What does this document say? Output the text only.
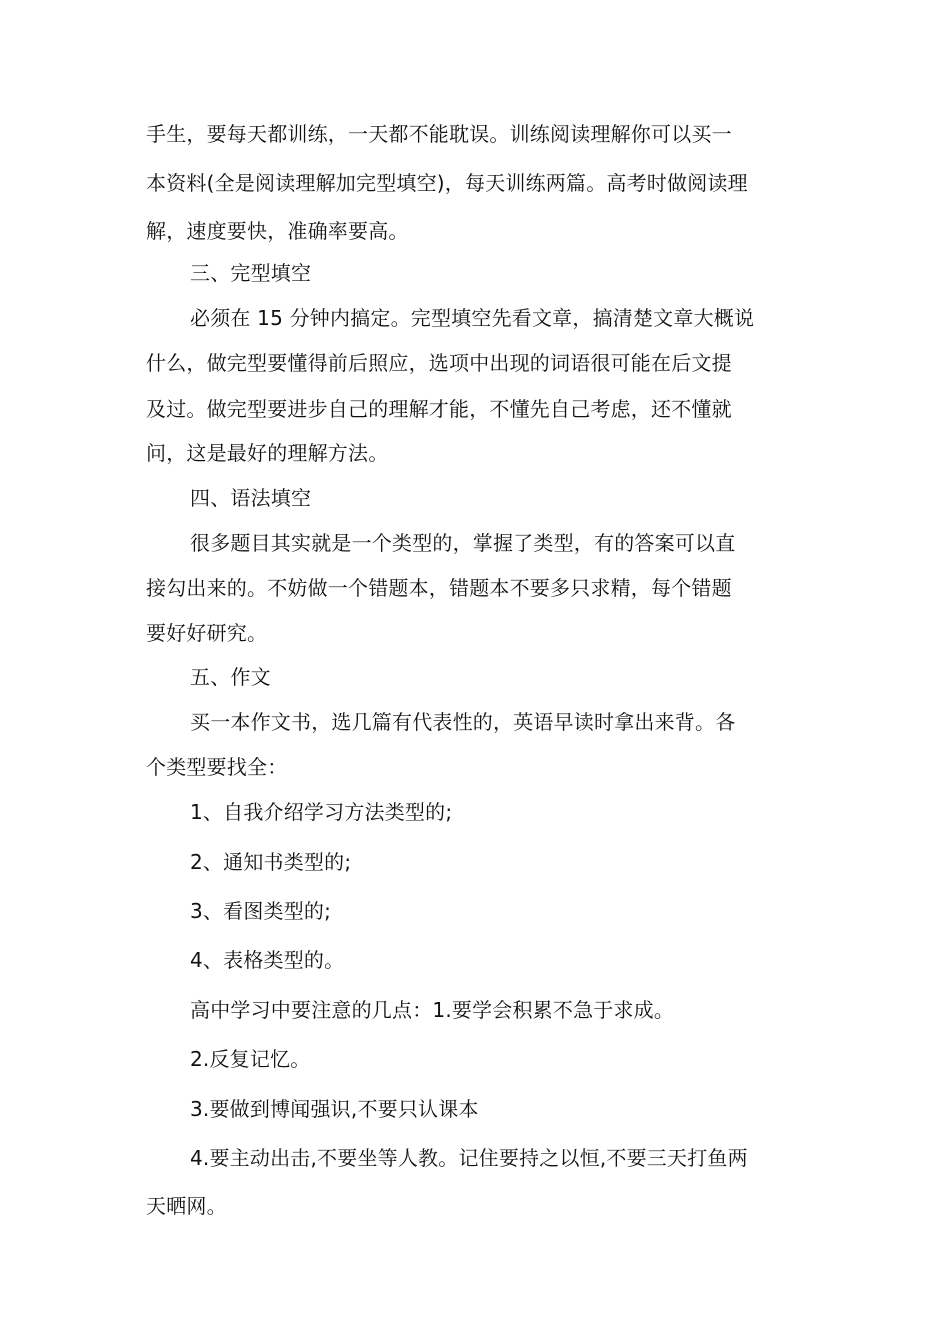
手生，要每天都训练，一天都不能耽误。训练阅读理解你可以买一
本资料(全是阅读理解加完型填空)，每天训练两篇。高考时做阅读理
解，速度要快，准确率要高。
三、完型填空
必须在 15 分钟内搞定。完型填空先看文章，搞清楚文章大概说
什么，做完型要懂得前后照应，选项中出现的词语很可能在后文提
及过。做完型要进步自己的理解才能，不懂先自己考虑，还不懂就
问，这是最好的理解方法。
四、语法填空
很多题目其实就是一个类型的，掌握了类型，有的答案可以直
接勾出来的。不妨做一个错题本，错题本不要多只求精，每个错题
要好好研究。
五、作文
买一本作文书，选几篇有代表性的，英语早读时拿出来背。各
个类型要找全：
1、自我介绍学习方法类型的;
2、通知书类型的;
3、看图类型的;
4、表格类型的。
高中学习中要注意的几点：1.要学会积累不急于求成。
2.反复记忆。
3.要做到博闻强识,不要只认课本
4.要主动出击,不要坐等人教。记住要持之以恒,不要三天打鱼两
天晒网。
